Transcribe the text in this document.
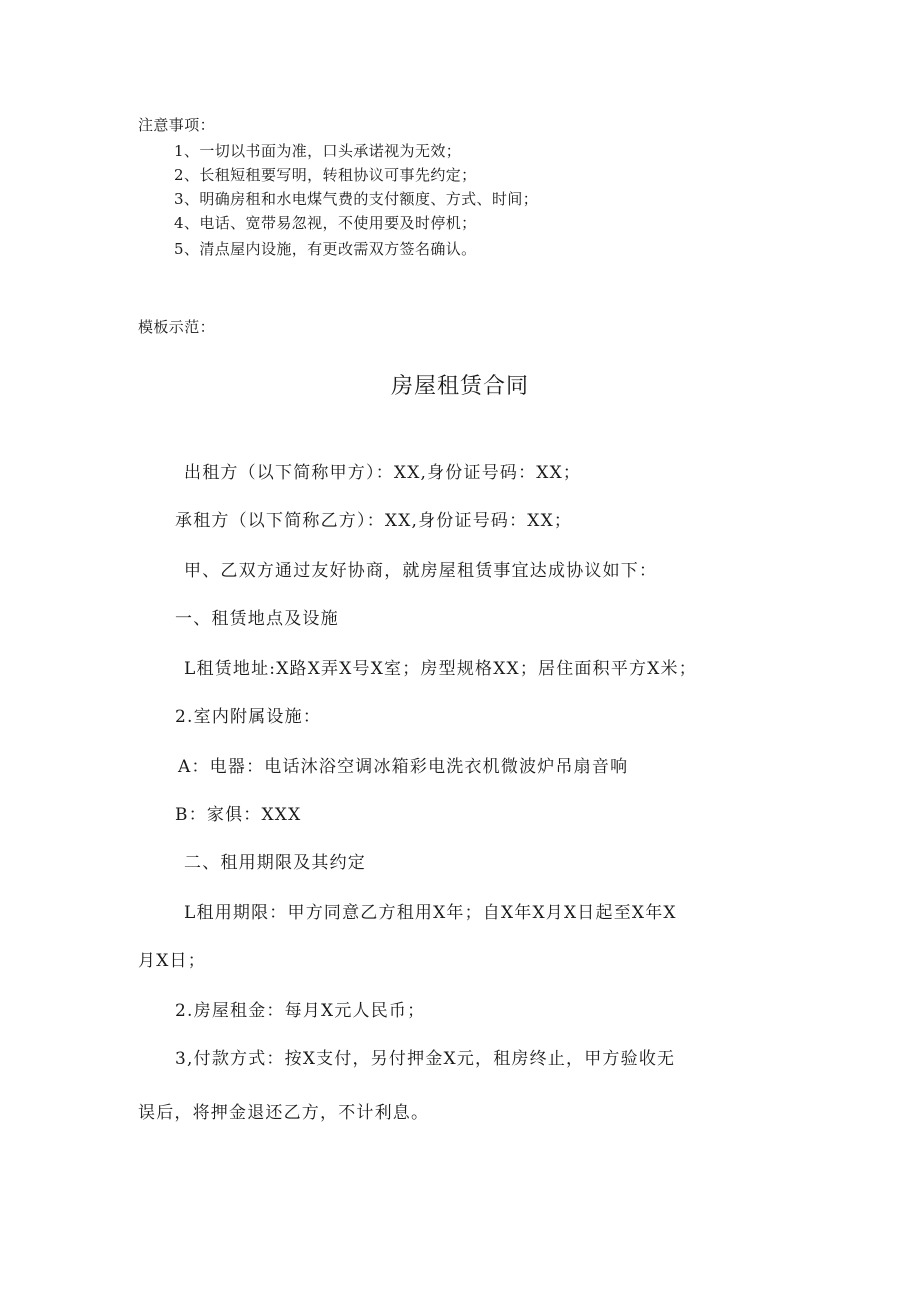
注意事项：
1、一切以书面为准，口头承诺视为无效；
2、长租短租要写明，转租协议可事先约定；
3、明确房租和水电煤气费的支付额度、方式、时间；
4、电话、宽带易忽视，不使用要及时停机；
5、清点屋内设施，有更改需双方签名确认。
模板示范：
房屋租赁合同
出租方（以下简称甲方）：XX,身份证号码：XX；
承租方（以下简称乙方）：XX,身份证号码：XX；
甲、乙双方通过友好协商，就房屋租赁事宜达成协议如下：
一、租赁地点及设施
L租赁地址:X路X弄X号X室；房型规格XX；居住面积平方X米；
2.室内附属设施：
A：电器：电话沐浴空调冰箱彩电洗衣机微波炉吊扇音响
B：家俱：XXX
二、租用期限及其约定
L租用期限：甲方同意乙方租用X年；自X年X月X日起至X年X
月X日；
2.房屋租金：每月X元人民币；
3,付款方式：按X支付，另付押金X元，租房终止，甲方验收无
误后，将押金退还乙方，不计利息。
